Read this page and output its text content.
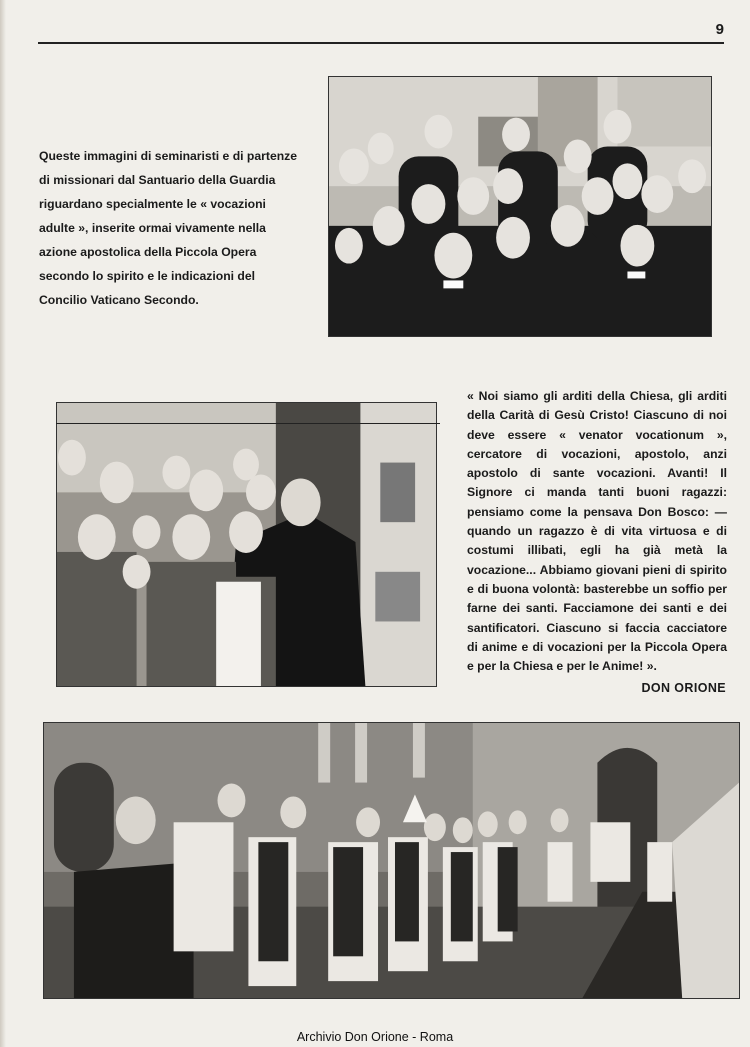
9
Queste immagini di seminaristi e di partenze di missionari dal Santuario della Guardia riguardano specialmente le « vocazioni adulte », inserite ormai vivamente nella azione apostolica della Piccola Opera secondo lo spirito e le indicazioni del Concilio Vaticano Secondo.
« Noi siamo gli arditi della Chiesa, gli arditi della Carità di Gesù Cristo! Ciascuno di noi deve essere « venator vocationum », cercatore di vocazioni, apostolo, anzi apostolo di sante vocazioni. Avanti! Il Signore ci manda tanti buoni ragazzi: pensiamo come la pensava Don Bosco: — quando un ragazzo è di vita virtuosa e di costumi illibati, egli ha già metà la vocazione... Abbiamo giovani pieni di spirito e di buona volontà: basterebbe un soffio per farne dei santi. Facciamone dei santi e dei santificatori. Ciascuno si faccia cacciatore di anime e di vocazioni per la Piccola Opera e per la Chiesa e per le Anime! ».
DON ORIONE
Archivio Don Orione - Roma
